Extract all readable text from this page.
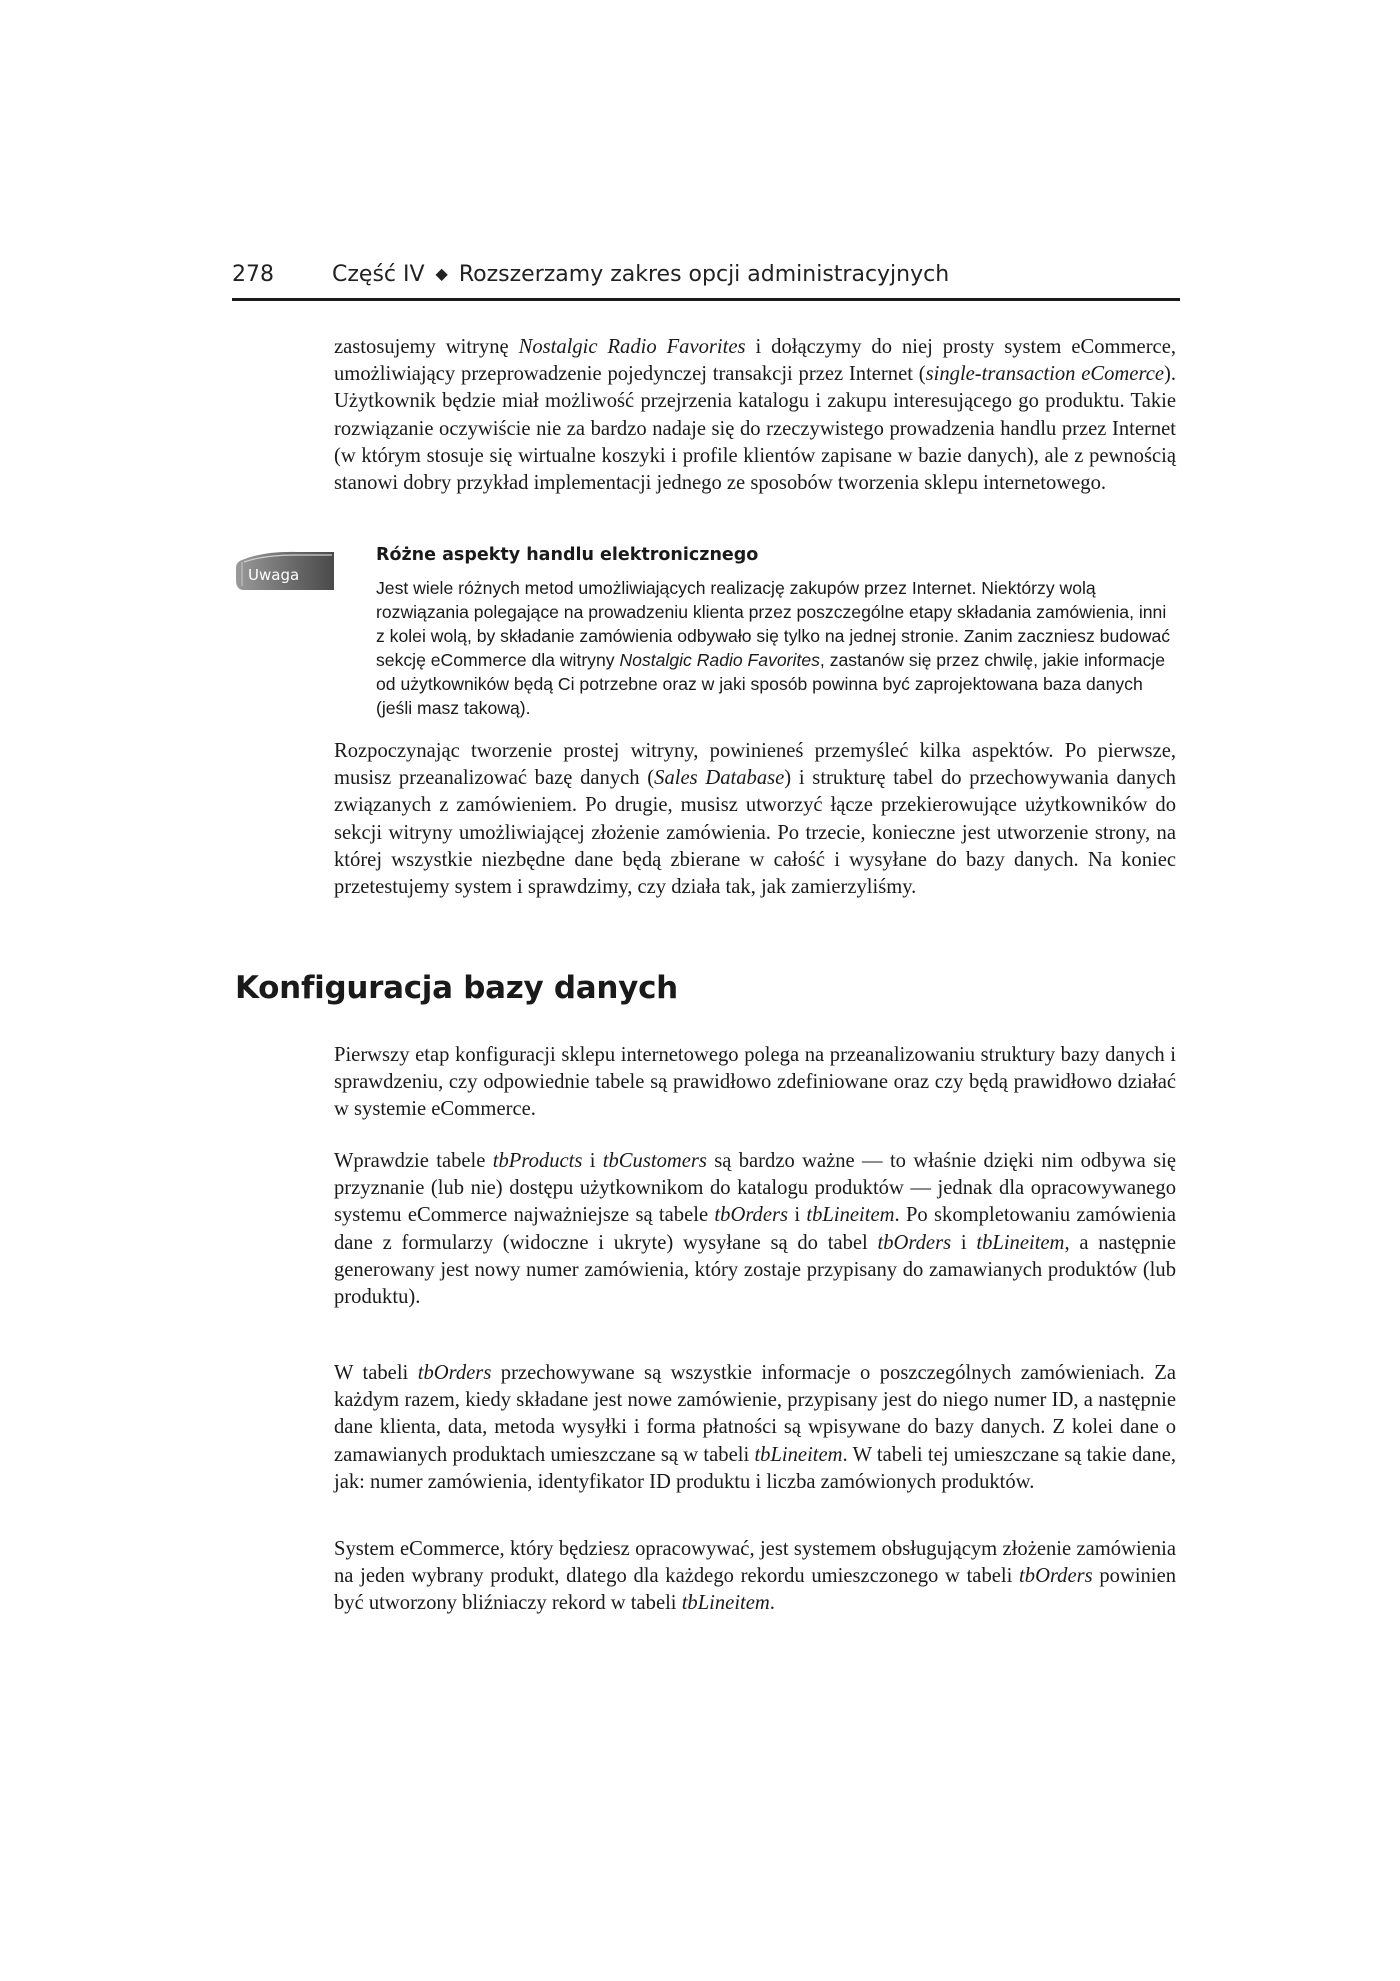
278	Część IV ◆ Rozszerzamy zakres opcji administracyjnych

zastosujemy witrynę Nostalgic Radio Favorites i dołączymy do niej prosty system eCommerce, umożliwiający przeprowadzenie pojedynczej transakcji przez Internet (single-transaction eComerce). Użytkownik będzie miał możliwość przejrzenia katalogu i zakupu interesującego go produktu. Takie rozwiązanie oczywiście nie za bardzo nadaje się do rzeczywistego prowadzenia handlu przez Internet (w którym stosuje się wirtualne koszyki i profile klientów zapisane w bazie danych), ale z pewnością stanowi dobry przykład implementacji jednego ze sposobów tworzenia sklepu internetowego.

Uwaga

Różne aspekty handlu elektronicznego

Jest wiele różnych metod umożliwiających realizację zakupów przez Internet. Niektórzy wolą rozwiązania polegające na prowadzeniu klienta przez poszczególne etapy składania zamówienia, inni z kolei wolą, by składanie zamówienia odbywało się tylko na jednej stronie. Zanim zaczniesz budować sekcję eCommerce dla witryny Nostalgic Radio Favorites, zastanów się przez chwilę, jakie informacje od użytkowników będą Ci potrzebne oraz w jaki sposób powinna być zaprojektowana baza danych (jeśli masz takową).

Rozpoczynając tworzenie prostej witryny, powinieneś przemyśleć kilka aspektów. Po pierwsze, musisz przeanalizować bazę danych (Sales Database) i strukturę tabel do przechowywania danych związanych z zamówieniem. Po drugie, musisz utworzyć łącze przekierowujące użytkowników do sekcji witryny umożliwiającej złożenie zamówienia. Po trzecie, konieczne jest utworzenie strony, na której wszystkie niezbędne dane będą zbierane w całość i wysyłane do bazy danych. Na koniec przetestujemy system i sprawdzimy, czy działa tak, jak zamierzyliśmy.

Konfiguracja bazy danych

Pierwszy etap konfiguracji sklepu internetowego polega na przeanalizowaniu struktury bazy danych i sprawdzeniu, czy odpowiednie tabele są prawidłowo zdefiniowane oraz czy będą prawidłowo działać w systemie eCommerce.

Wprawdzie tabele tbProducts i tbCustomers są bardzo ważne — to właśnie dzięki nim odbywa się przyznanie (lub nie) dostępu użytkownikom do katalogu produktów — jednak dla opracowywanego systemu eCommerce najważniejsze są tabele tbOrders i tbLineitem. Po skompletowaniu zamówienia dane z formularzy (widoczne i ukryte) wysyłane są do tabel tbOrders i tbLineitem, a następnie generowany jest nowy numer zamówienia, który zostaje przypisany do zamawianych produktów (lub produktu).

W tabeli tbOrders przechowywane są wszystkie informacje o poszczególnych zamówieniach. Za każdym razem, kiedy składane jest nowe zamówienie, przypisany jest do niego numer ID, a następnie dane klienta, data, metoda wysyłki i forma płatności są wpisywane do bazy danych. Z kolei dane o zamawianych produktach umieszczane są w tabeli tbLineitem. W tabeli tej umieszczane są takie dane, jak: numer zamówienia, identyfikator ID produktu i liczba zamówionych produktów.

System eCommerce, który będziesz opracowywać, jest systemem obsługującym złożenie zamówienia na jeden wybrany produkt, dlatego dla każdego rekordu umieszczonego w tabeli tbOrders powinien być utworzony bliźniaczy rekord w tabeli tbLineitem.
